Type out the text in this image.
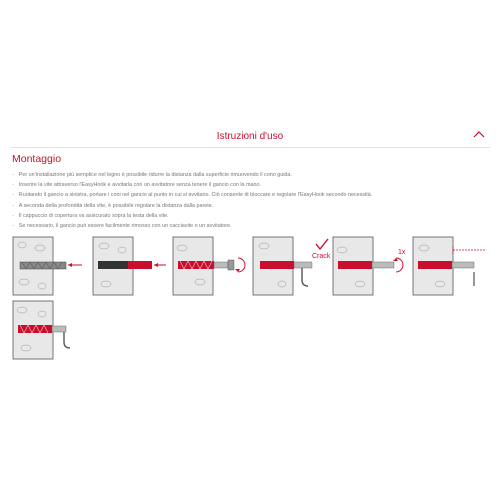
Istruzioni d'uso
Montaggio
- Per un'installazione più semplice nel legno è possibile ridurre la distanza dalla superficie rimuovendo il cono guida.
- Inserire la vite attraverso l'EasyHook e avvitarla con un avvitatore senza tenere il gancio con la mano.
- Ruotando il gancio a sinistra, portare i coni nel gancio al punto in cui si avvitano. Ciò consente di bloccare e regolare l'EasyHook secondo necessità.
- A seconda della profondità della vite, è possibile regolare la distanza dalla parete.
- Il cappuccio di copertura va assicurato sopra la testa della vite.
- Se necessario, il gancio può essere facilmente rimosso con un cacciavite o un avvitatore.
Crack
1x
